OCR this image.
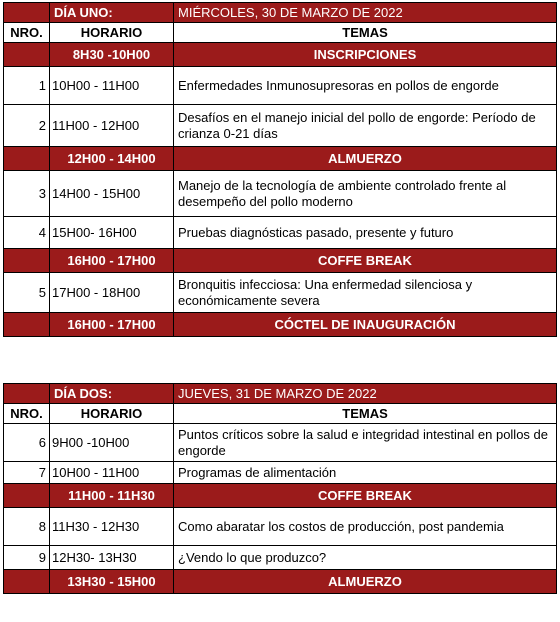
	DÍA UNO:	MIÉRCOLES, 30 DE MARZO DE 2022
NRO.	HORARIO	TEMAS
	8H30 -10H00	INSCRIPCIONES
1	10H00 - 11H00	Enfermedades Inmunosupresoras en pollos de engorde
2	11H00 - 12H00	Desafíos en el manejo inicial del pollo de engorde: Período de crianza 0-21 días
	12H00 - 14H00	ALMUERZO
3	14H00 - 15H00	Manejo de la tecnología de ambiente controlado frente al desempeño del pollo moderno
4	15H00- 16H00	Pruebas diagnósticas pasado, presente y futuro
	16H00 - 17H00	COFFE BREAK
5	17H00 - 18H00	Bronquitis infecciosa: Una enfermedad silenciosa y económicamente severa
	16H00 - 17H00	CÓCTEL DE INAUGURACIÓN
	DÍA DOS:	JUEVES, 31 DE MARZO DE 2022
NRO.	HORARIO	TEMAS
6	9H00 -10H00	Puntos críticos sobre la salud e integridad intestinal en pollos de engorde
7	10H00 - 11H00	Programas de alimentación
	11H00 - 11H30	COFFE BREAK
8	11H30 - 12H30	Como abaratar los costos de producción, post pandemia
9	12H30- 13H30	¿Vendo lo que produzco?
	13H30 - 15H00	ALMUERZO
